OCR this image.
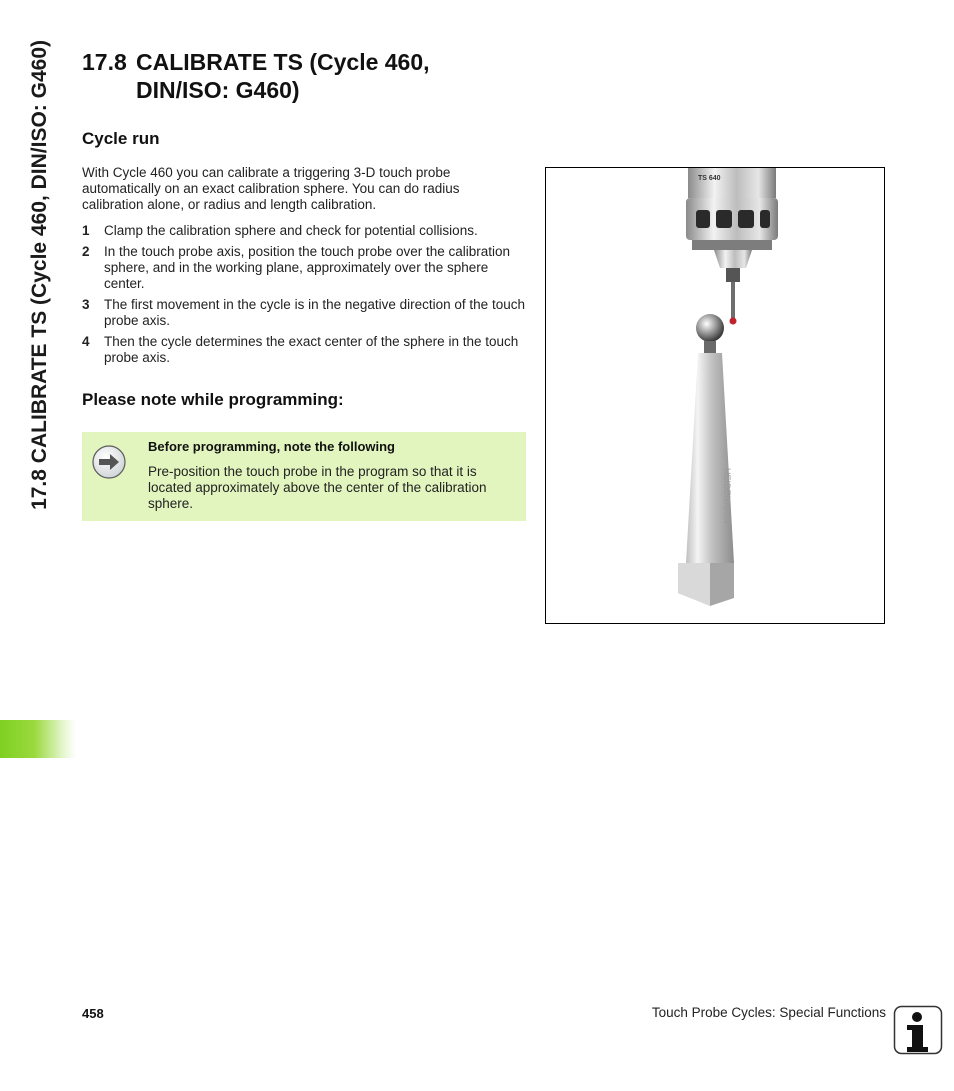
17.8 CALIBRATE TS (Cycle 460, DIN/ISO: G460)	17.8 CALIBRATE TS (Cycle 460,
DIN/ISO: G460)
Cycle run

With Cycle 460 you can calibrate a triggering 3-D touch probe automatically on an exact calibration sphere. You can do radius calibration alone, or radius and length calibration.

1	Clamp the calibration sphere and check for potential collisions.
2	In the touch probe axis, position the touch probe over the calibration sphere, and in the working plane, approximately over the sphere center.
3	The first movement in the cycle is in the negative direction of the touch probe axis.
4	Then the cycle determines the exact center of the sphere in the touch probe axis.
Please note while programming:

Before programming, note the following

Pre-position the touch probe in the program so that it is located approximately above the center of the calibration sphere.	HEIDENHAIN
TS 640
458	Touch Probe Cycles: Special Functions
